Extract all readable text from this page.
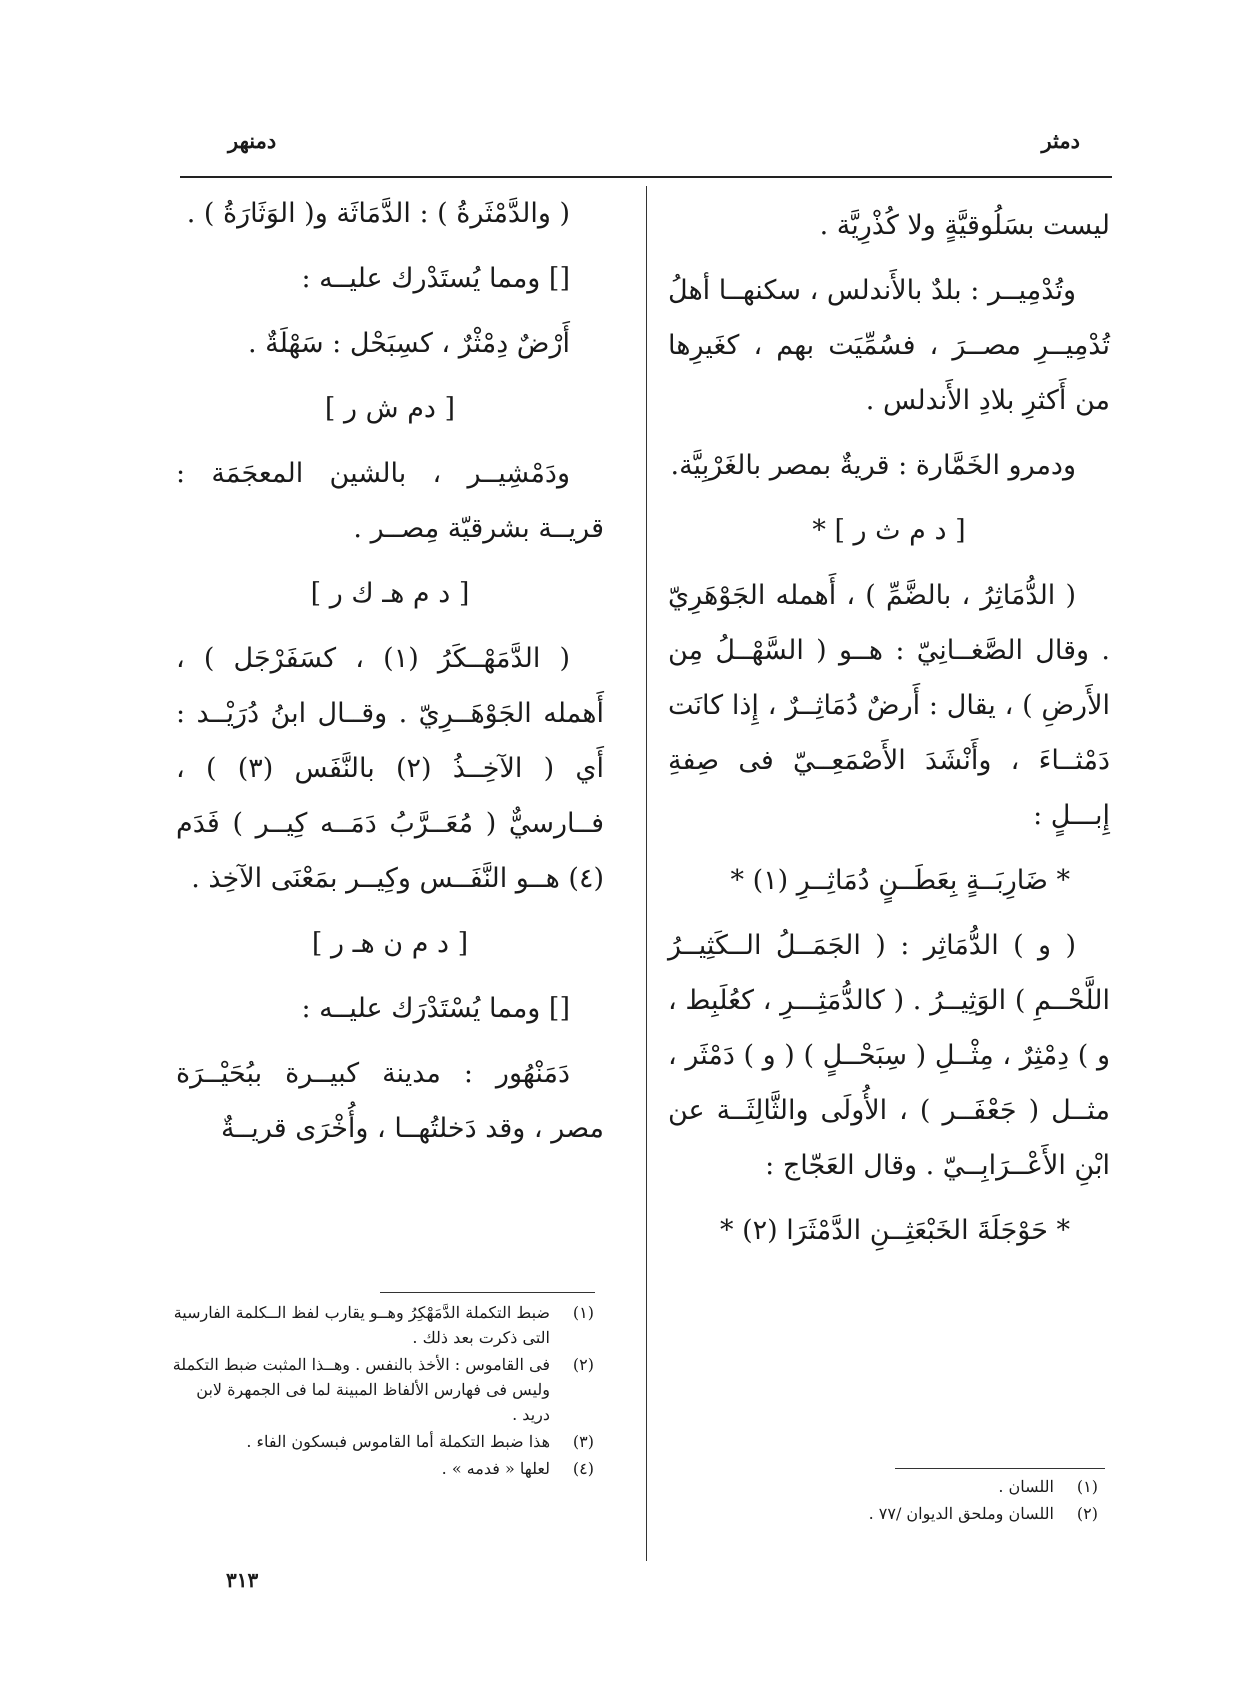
دمثر
دمنهر

ليست بسَلُوقيَّةٍ ولا كُذْرِيَّة .

وتُدْمِيــر : بلدٌ بالأَندلس ، سكنهــا أهلُ تُدْمِيــرِ مصــرَ ، فسُمِّيَت بهم ، كغَيرِها من أَكثرِ بلادِ الأَندلس .

ودمرو الخَمَّارة : قريةٌ بمصر بالغَرْبِيَّة.

[ د م ث ر ] *

( الدُّمَاثِرُ ، بالضَّمِّ ) ، أَهمله الجَوْهَرِيّ . وقال الصَّغــانِيّ : هــو ( السَّهْــلُ مِن الأَرضِ ) ، يقال : أَرضٌ دُمَاثِــرٌ ، إِذا كانَت دَمْثــاءَ ، وأَنْشَدَ الأَصْمَعِــيّ فى صِفةِ إِبـــلٍ :

* ضَارِبَــةٍ بِعَطَــنٍ دُمَاثِــرِ (١) *

( و ) الدُّمَاثِر : ( الجَمَــلُ الــكَثِيــرُ اللَّحْــمِ ) الوَثِيــرُ . ( كالدُّمَثِـــرِ ، كعُلَبِط ، و ) دِمْثِرٌ ، مِثْــلِ ( سِبَحْــلٍ ) ( و ) دَمْثَر ، مثــل ( جَعْفَــر ) ، الأُولَى والثَّالِثَــة عن ابْنِ الأَعْــرَابِــيّ . وقال العَجّاج :

* حَوْجَلَةَ الخَبْعَثِــنِ الدَّمْثَرَا (٢) *

(١)اللسان .

(٢)اللسان وملحق الديوان /٧٧ .

( والدَّمْثَرةُ ) : الدَّمَاثَة و( الوَثَارَةُ ) .

[] ومما يُستَدْرك عليــه :

أَرْضٌ دِمْثْرٌ ، كسِبَحْل : سَهْلَةٌ .

[ دم ش ر ]

ودَمْشِيــر ، بالشين المعجَمَة : قريــة بشرقيّة مِصــر .

[ د م هـ ك ر ]

( الدَّمَهْــكَرُ (١) ، كسَفَرْجَل ) ، أَهمله الجَوْهَــرِيّ . وقــال ابنُ دُرَيْــد : أَي ( الآخِــذُ (٢) بالنَّفَس (٣) ) ، فــارسيٌّ ( مُعَــرَّبُ دَمَــه كِيــر ) فَدَم (٤) هــو النَّفَــس وكِيــر بمَعْنَى الآخِذ .

[ د م ن هـ ر ]

[] ومما يُسْتَدْرَك عليــه :

دَمَنْهُور : مدينة كبيــرة ببُحَيْــرَة مصر ، وقد دَخلتُهــا ، وأُخْرَى قريــةٌ

(١)ضبط التكملة الدَّمَهْكِرُ وهــو يقارب لفظ الــكلمة الفارسية التى ذكرت بعد ذلك .

(٢)فى القاموس : الأخذ بالنفس . وهــذا المثبت ضبط التكملة وليس فى فهارس الألفاظ المبينة لما فى الجمهرة لابن دريد .

(٣)هذا ضبط التكملة أما القاموس فبسكون الفاء .

(٤)لعلها « فدمه » .

٣١٣
